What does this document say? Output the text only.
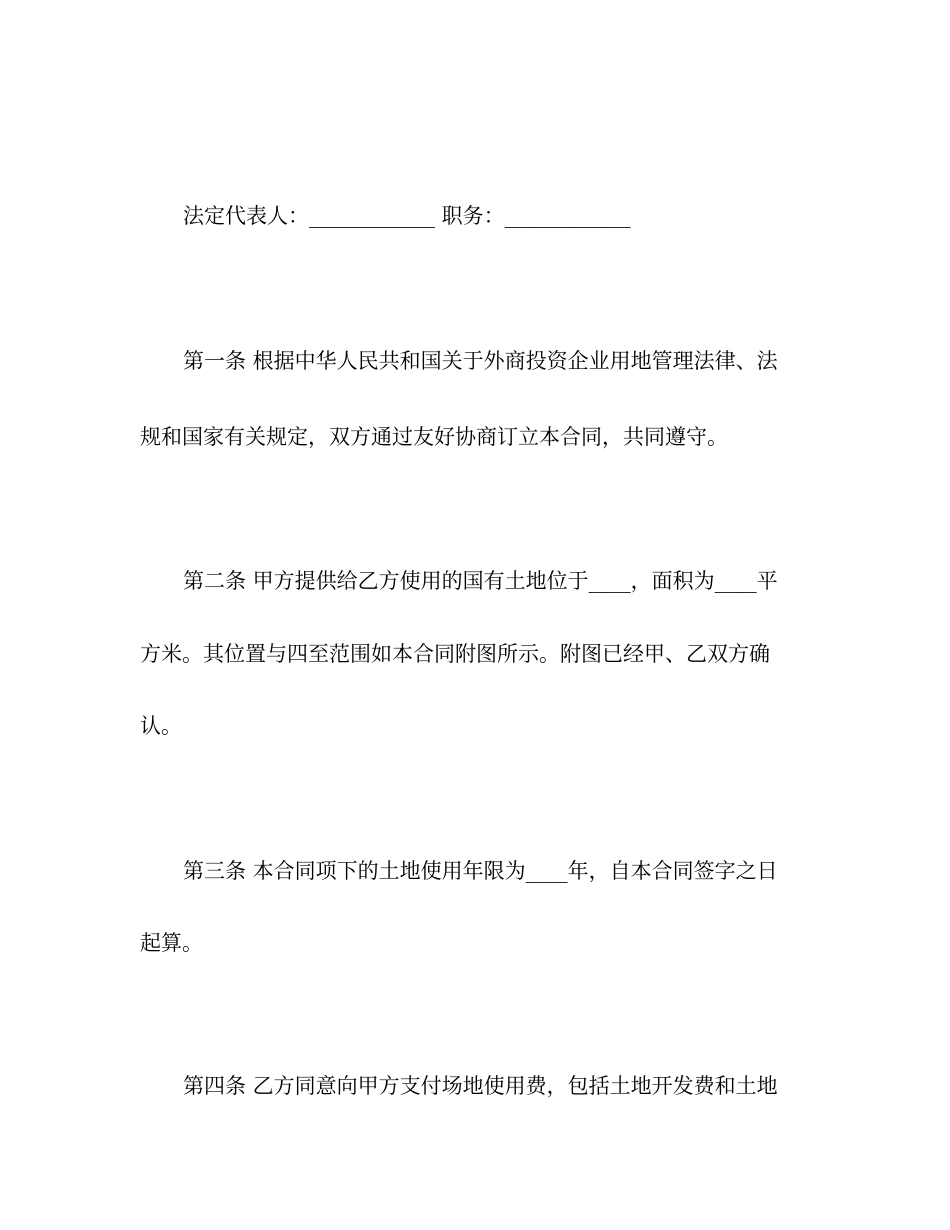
法定代表人：____________ 职务：____________
第一条 根据中华人民共和国关于外商投资企业用地管理法律、法
规和国家有关规定，双方通过友好协商订立本合同，共同遵守。
第二条 甲方提供给乙方使用的国有土地位于____，面积为____平
方米。其位置与四至范围如本合同附图所示。附图已经甲、乙双方确
认。
第三条 本合同项下的土地使用年限为____年，自本合同签字之日
起算。
第四条 乙方同意向甲方支付场地使用费，包括土地开发费和土地
